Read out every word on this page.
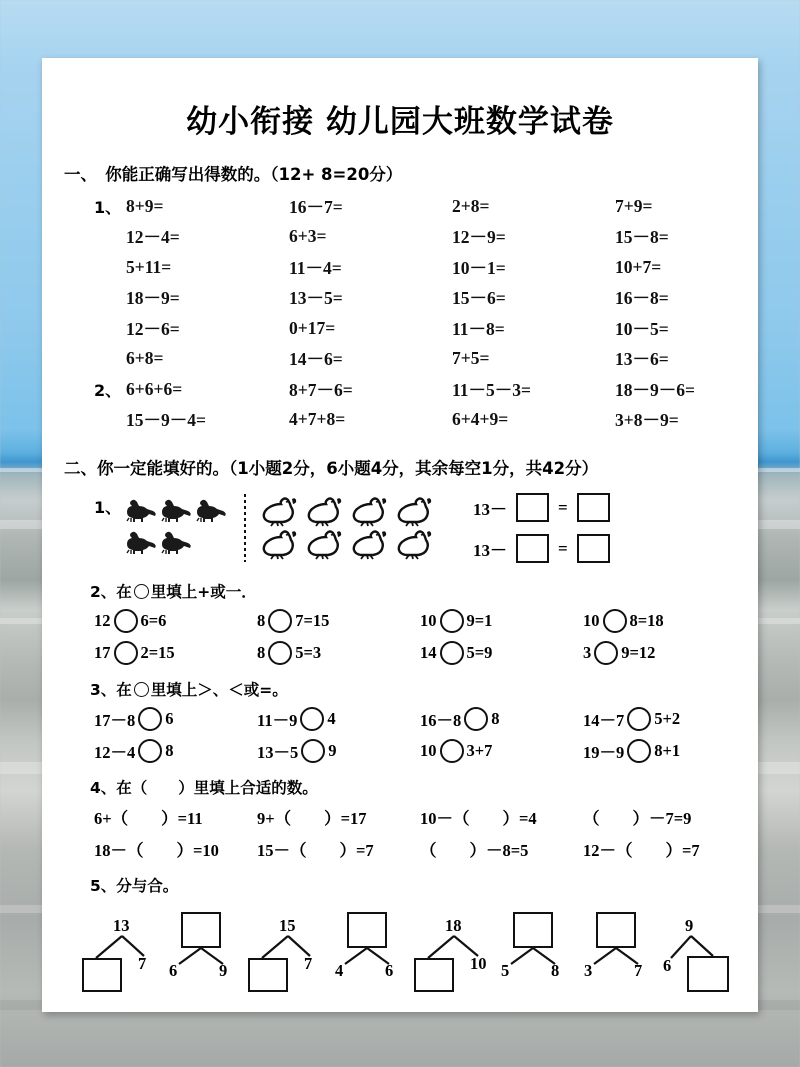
幼小衔接 幼儿园大班数学试卷
一、　你能正确写出得数的。（12+ 8=20分）
1、 8+9=	16－7=	2+8=	7+9=
12－4=	6+3=	12－9=	15－8=
5+11=	11－4=	10－1=	10+7=
18－9=	13－5=	15－6=	16－8=
12－6=	0+17=	11－8=	10－5=
6+8=	14－6=	7+5=	13－6=
2、 6+6+6=	8+7－6=	11－5－3=	18－9－6=
15－9－4=	4+7+8=	6+4+9=	3+8－9=
二、你一定能填好的。（1小题2分，6小题4分，其余每空1分，共42分）
1、	13－	=
13－	=
2、在 里填上+或一．
12 6=6	8 7=15	10 9=1	10 8=18
17 2=15	8 5=3	14 5=9	3 9=12
3、在 里填上＞、＜或=。
17－8 6	11－9 4	16－8 8	14－7 5+2
12－4 8	13－5 9	10 3+7	19－9 8+1
4、在（　　）里填上合适的数。
6+（　　）=11	9+（　　）=17	10－（　　）=4	（　　）－7=9
18－（　　）=10	15－（　　）=7	（　　）－8=5	12－（　　）=7
5、分与合。
13
7 6	9
15
7 4	6
18
10 5	8 3	7
9
6
